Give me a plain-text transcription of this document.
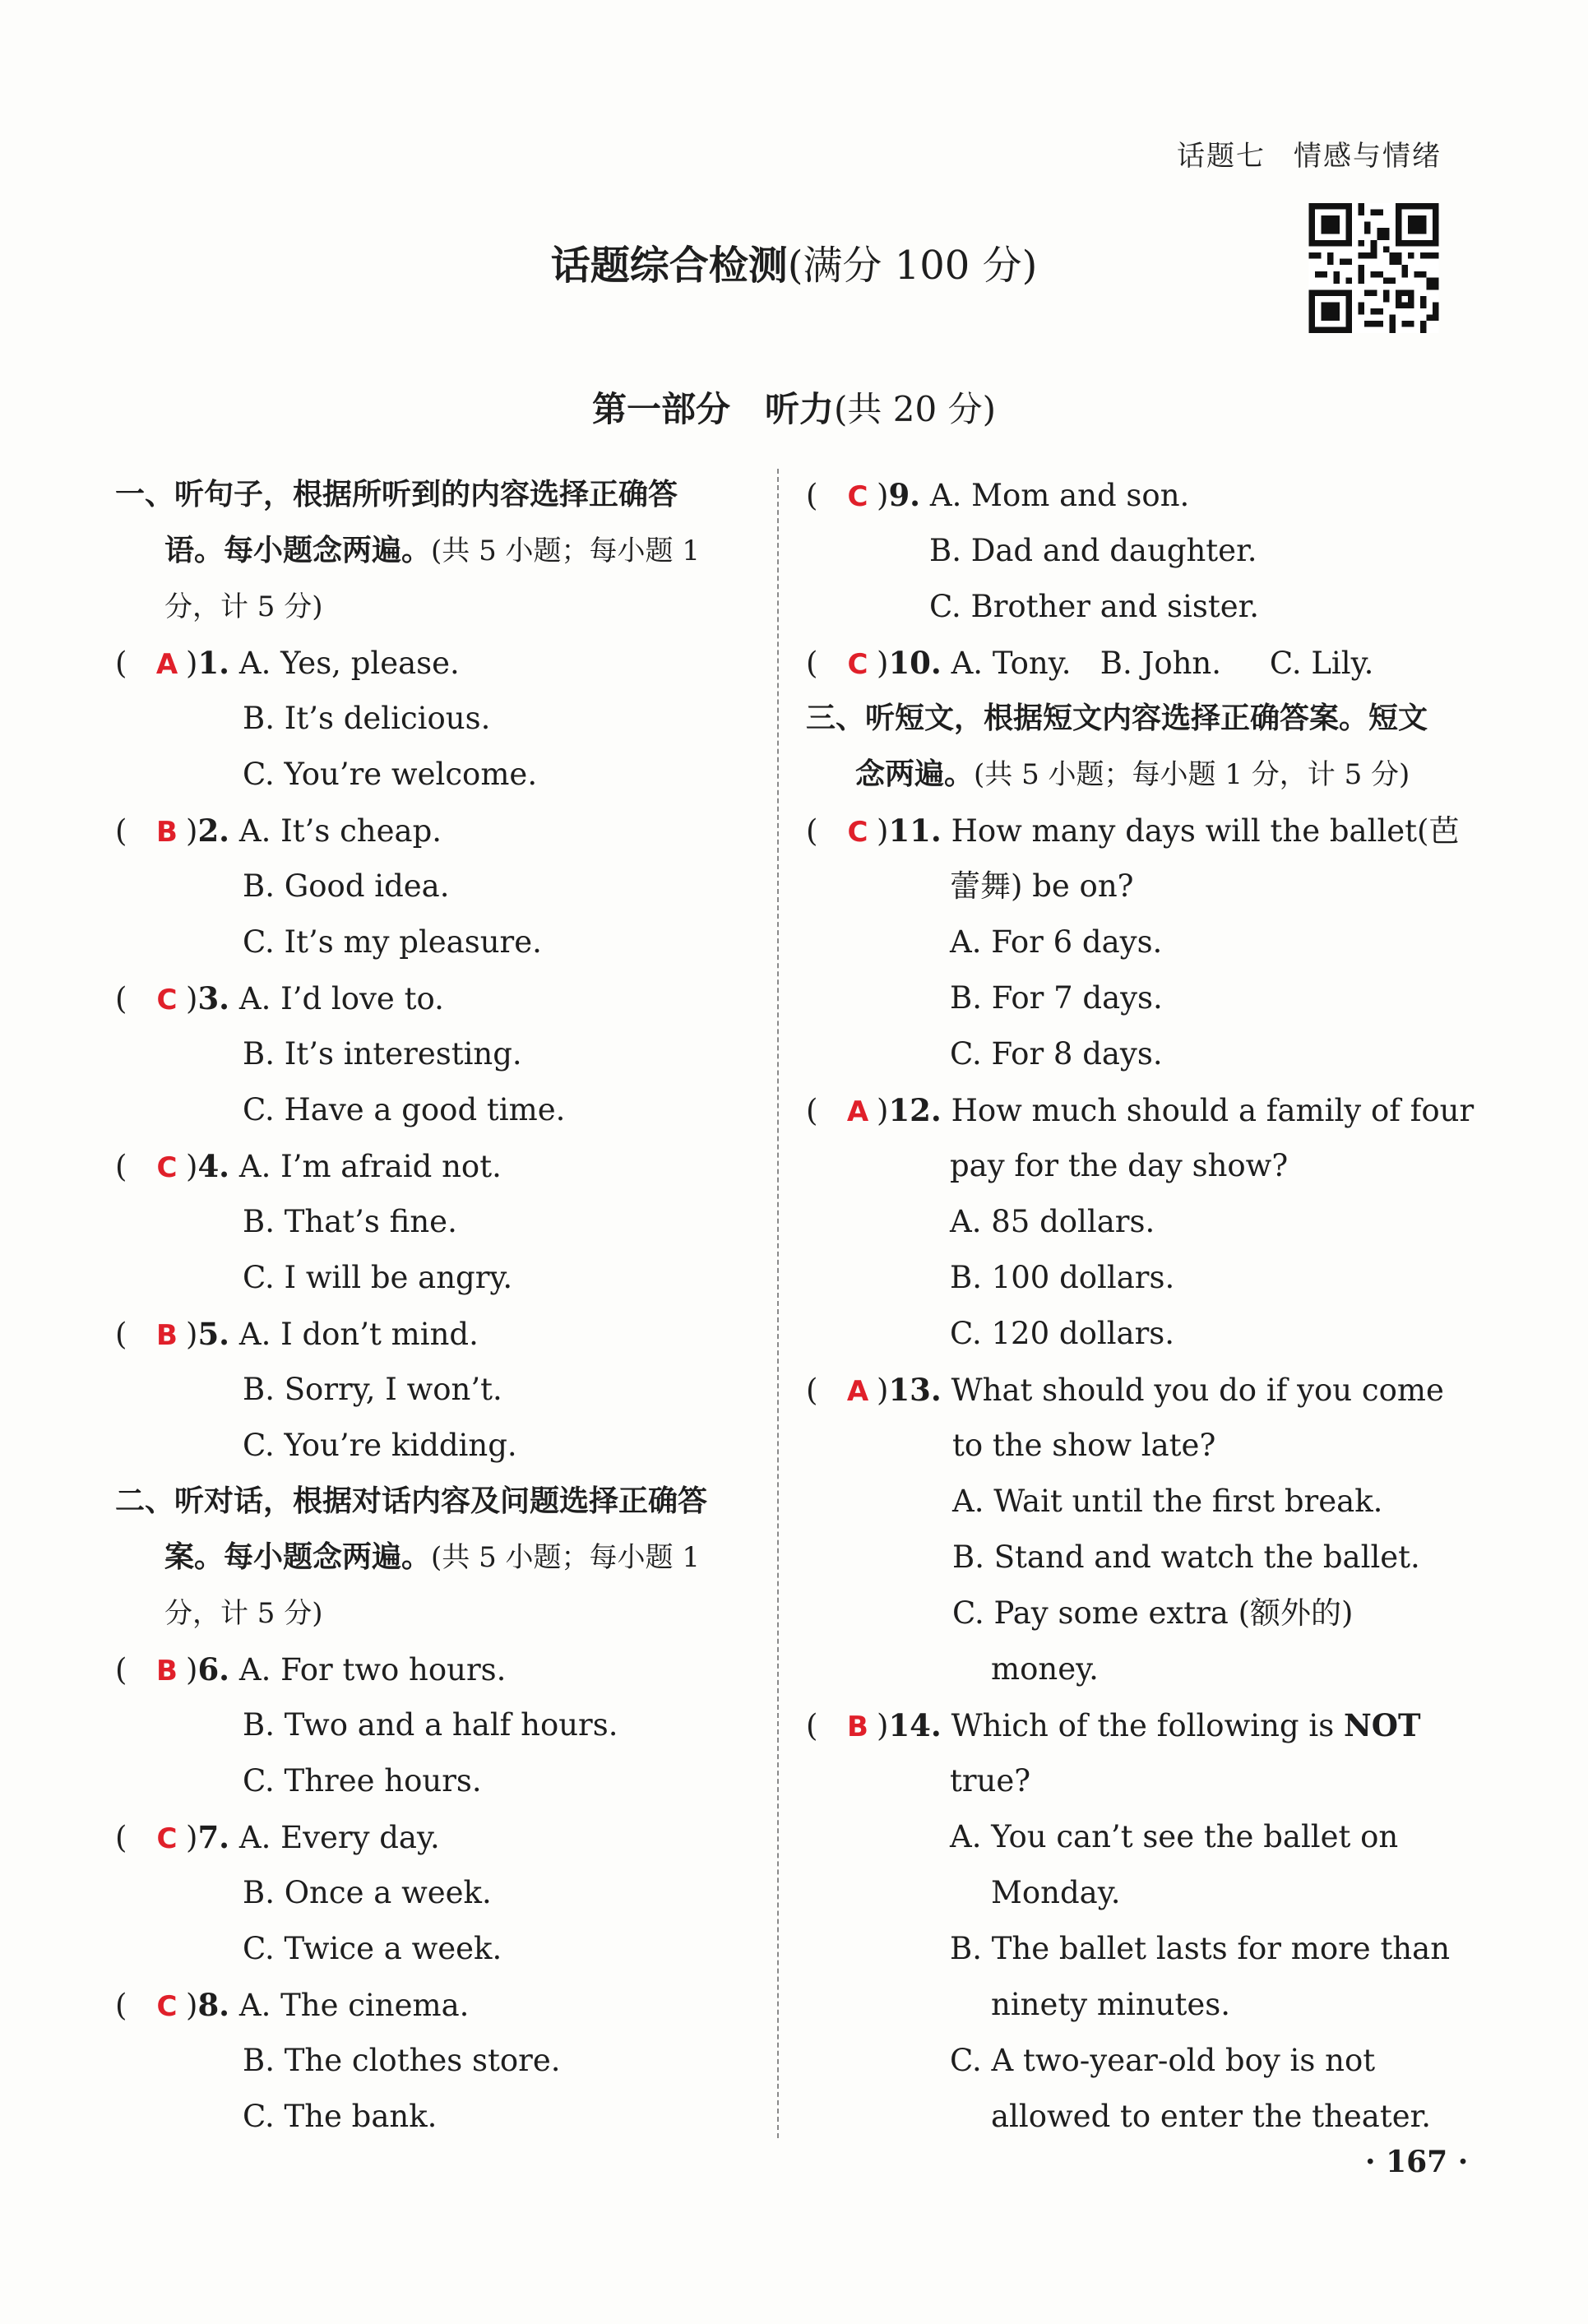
话题七 情感与情绪
话题综合检测(满分 100 分)
第一部分　听力(共 20 分)
一、听句子，根据所听到的内容选择正确答
语。每小题念两遍。(共 5 小题；每小题 1
分，计 5 分)
( A )1. A. Yes, please.
B. It’s delicious.
C. You’re welcome.
( B )2. A. It’s cheap.
B. Good idea.
C. It’s my pleasure.
( C )3. A. I’d love to.
B. It’s interesting.
C. Have a good time.
( C )4. A. I’m afraid not.
B. That’s fine.
C. I will be angry.
( B )5. A. I don’t mind.
B. Sorry, I won’t.
C. You’re kidding.
二、听对话，根据对话内容及问题选择正确答
案。每小题念两遍。(共 5 小题；每小题 1
分，计 5 分)
( B )6. A. For two hours.
B. Two and a half hours.
C. Three hours.
( C )7. A. Every day.
B. Once a week.
C. Twice a week.
( C )8. A. The cinema.
B. The clothes store.
C. The bank.
( C )9. A. Mom and son.
B. Dad and daughter.
C. Brother and sister.
( C )10. A. Tony. B. John. C. Lily.
三、听短文，根据短文内容选择正确答案。短文
念两遍。(共 5 小题；每小题 1 分，计 5 分)
( C )11. How many days will the ballet(芭
蕾舞) be on?
A. For 6 days.
B. For 7 days.
C. For 8 days.
( A )12. How much should a family of four
pay for the day show?
A. 85 dollars.
B. 100 dollars.
C. 120 dollars.
( A )13. What should you do if you come
to the show late?
A. Wait until the first break.
B. Stand and watch the ballet.
C. Pay some extra (额外的)
money.
( B )14. Which of the following is NOT
true?
A. You can’t see the ballet on
Monday.
B. The ballet lasts for more than
ninety minutes.
C. A two-year-old boy is not
allowed to enter the theater.
· 167 ·
